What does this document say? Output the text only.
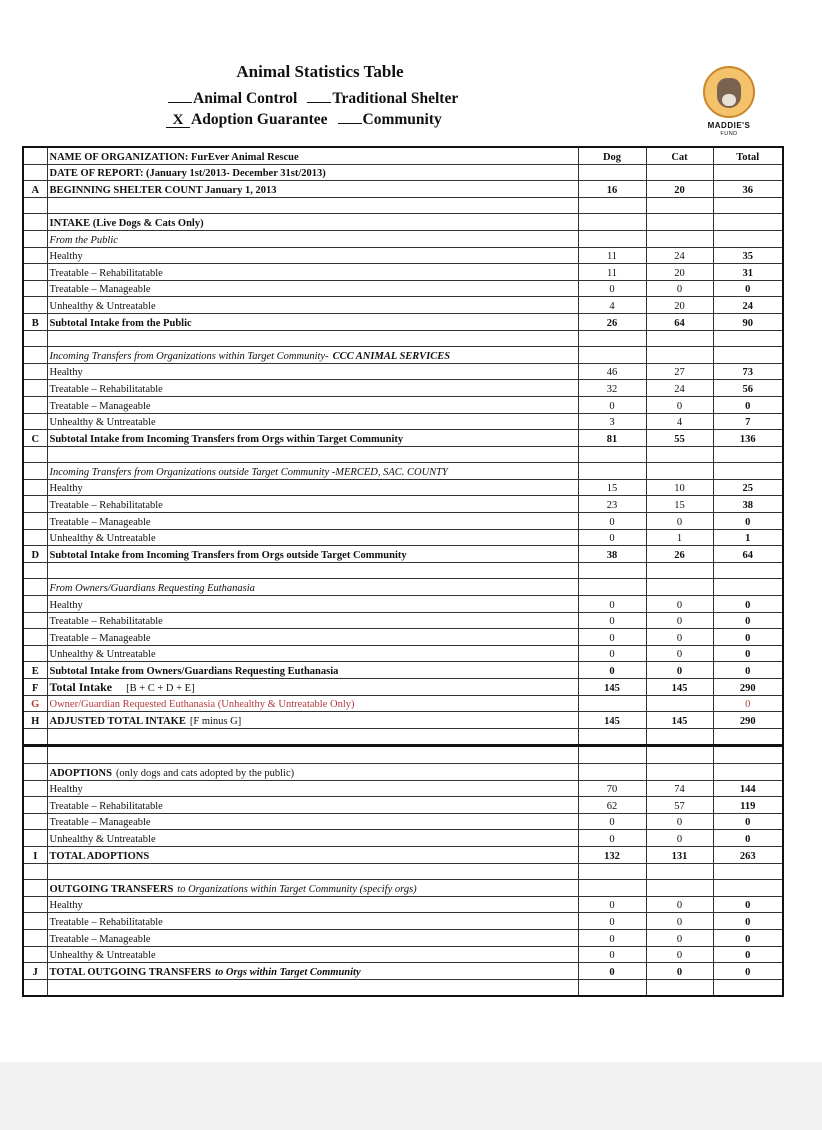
Animal Statistics Table
Animal Control Traditional Shelter
X Adoption Guarantee Community	MADDIE'S
FUND
	NAME OF ORGANIZATION: FurEver Animal Rescue	Dog	Cat	Total
	DATE OF REPORT: (January 1st/2013- December 31st/2013)			
A	BEGINNING SHELTER COUNT January 1, 2013	16	20	36

	INTAKE (Live Dogs & Cats Only)			
	From the Public			
	Healthy	11	24	35
	Treatable – Rehabilitatable	11	20	31
	Treatable – Manageable	0	0	0
	Unhealthy & Untreatable	4	20	24
B	Subtotal Intake from the Public	26	64	90

	Incoming Transfers from Organizations within Target Community- CCC ANIMAL SERVICES			
	Healthy	46	27	73
	Treatable – Rehabilitatable	32	24	56
	Treatable – Manageable	0	0	0
	Unhealthy & Untreatable	3	4	7
C	Subtotal Intake from Incoming Transfers from Orgs within Target Community	81	55	136

	Incoming Transfers from Organizations outside Target Community -MERCED, SAC. COUNTY			
	Healthy	15	10	25
	Treatable – Rehabilitatable	23	15	38
	Treatable – Manageable	0	0	0
	Unhealthy & Untreatable	0	1	1
D	Subtotal Intake from Incoming Transfers from Orgs outside Target Community	38	26	64

	From Owners/Guardians Requesting Euthanasia			
	Healthy	0	0	0
	Treatable – Rehabilitatable	0	0	0
	Treatable – Manageable	0	0	0
	Unhealthy & Untreatable	0	0	0
E	Subtotal Intake from Owners/Guardians Requesting Euthanasia	0	0	0
F	Total Intake [B + C + D + E]	145	145	290
G	Owner/Guardian Requested Euthanasia (Unhealthy & Untreatable Only)			0
H	ADJUSTED TOTAL INTAKE [F minus G]	145	145	290

	ADOPTIONS (only dogs and cats adopted by the public)			
	Healthy	70	74	144
	Treatable – Rehabilitatable	62	57	119
	Treatable – Manageable	0	0	0
	Unhealthy & Untreatable	0	0	0
I	TOTAL ADOPTIONS	132	131	263

	OUTGOING TRANSFERS to Organizations within Target Community (specify orgs)			
	Healthy	0	0	0
	Treatable – Rehabilitatable	0	0	0
	Treatable – Manageable	0	0	0
	Unhealthy & Untreatable	0	0	0
J	TOTAL OUTGOING TRANSFERS to Orgs within Target Community	0	0	0
